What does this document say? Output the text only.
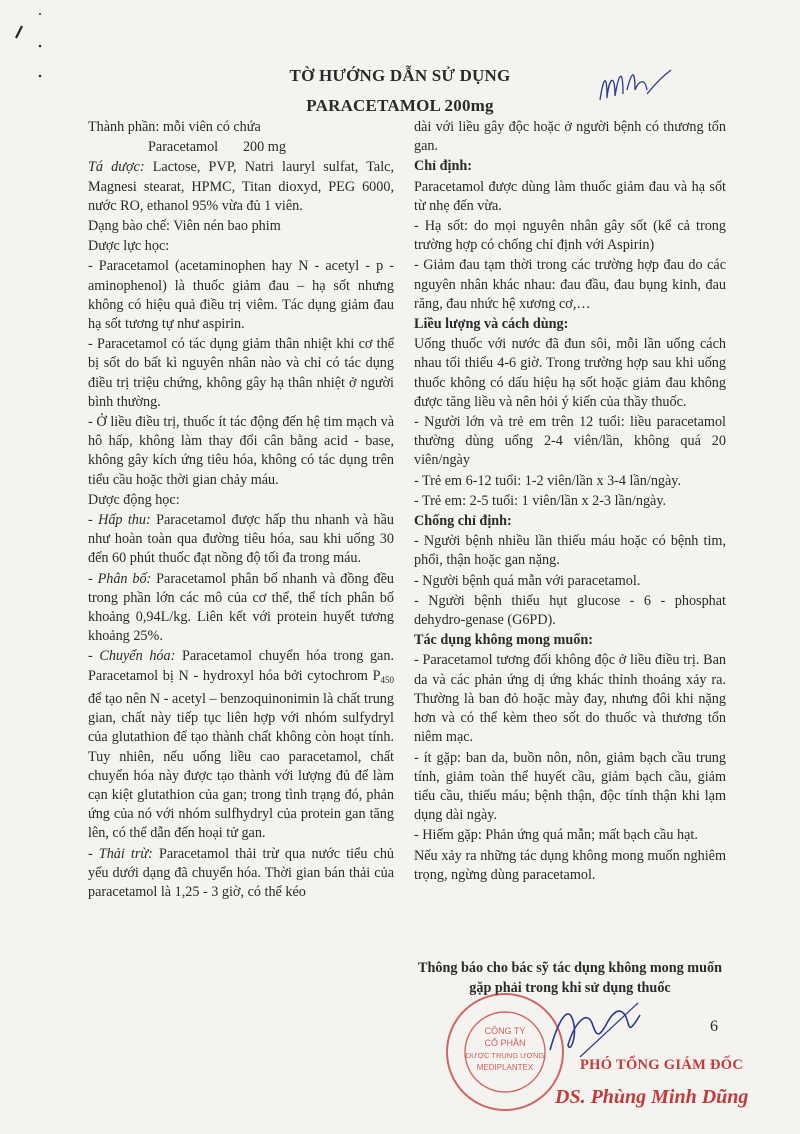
TỜ HƯỚNG DẪN SỬ DỤNG
PARACETAMOL 200mg

Thành phần: mỗi viên có chứa

Paracetamol 200 mg

Tá dược: Lactose, PVP, Natri lauryl sulfat, Talc, Magnesi stearat, HPMC, Titan dioxyd, PEG 6000, nước RO, ethanol 95% vừa đủ 1 viên.

Dạng bào chế: Viên nén bao phim

Dược lực học:

- Paracetamol (acetaminophen hay N - acetyl - p - aminophenol) là thuốc giảm đau – hạ sốt nhưng không có hiệu quả điều trị viêm. Tác dụng giảm đau hạ sốt tương tự như aspirin.

- Paracetamol có tác dụng giảm thân nhiệt khi cơ thể bị sốt do bất kì nguyên nhân nào và chỉ có tác dụng điều trị triệu chứng, không gây hạ thân nhiệt ở người bình thường.

- Ở liều điều trị, thuốc ít tác động đến hệ tim mạch và hô hấp, không làm thay đổi cân bằng acid - base, không gây kích ứng tiêu hóa, không có tác dụng trên tiểu cầu hoặc thời gian chảy máu.

Dược động học:

- Hấp thu: Paracetamol được hấp thu nhanh và hầu như hoàn toàn qua đường tiêu hóa, sau khi uống 30 đến 60 phút thuốc đạt nồng độ tối đa trong máu.

- Phân bố: Paracetamol phân bố nhanh và đồng đều trong phần lớn các mô của cơ thể, thể tích phân bố khoảng 0,94L/kg. Liên kết với protein huyết tương khoảng 25%.

- Chuyển hóa: Paracetamol chuyển hóa trong gan. Paracetamol bị N - hydroxyl hóa bởi cytochrom $P_{450}$ để tạo nên N - acetyl – benzoquinonimin là chất trung gian, chất này tiếp tục liên hợp với nhóm sulfydryl của glutathion để tạo thành chất không còn hoạt tính. Tuy nhiên, nếu uống liều cao paracetamol, chất chuyển hóa này được tạo thành với lượng đủ để làm cạn kiệt glutathion của gan; trong tình trạng đó, phản ứng của nó với nhóm sulfhydryl của protein gan tăng lên, có thể dẫn đến hoại tử gan.

- Thải trừ: Paracetamol thải trừ qua nước tiểu chủ yếu dưới dạng đã chuyển hóa. Thời gian bán thải của paracetamol là 1,25 - 3 giờ, có thể kéo

dài với liều gây độc hoặc ở người bệnh có thương tổn gan.

Chỉ định:

Paracetamol được dùng làm thuốc giảm đau và hạ sốt từ nhẹ đến vừa.

- Hạ sốt: do mọi nguyên nhân gây sốt (kể cả trong trường hợp có chống chỉ định với Aspirin)

- Giảm đau tạm thời trong các trường hợp đau do các nguyên nhân khác nhau: đau đầu, đau bụng kinh, đau răng, đau nhức hệ xương cơ,…

Liều lượng và cách dùng:

Uống thuốc với nước đã đun sôi, mỗi lần uống cách nhau tối thiểu 4-6 giờ. Trong trường hợp sau khi uống thuốc không có dấu hiệu hạ sốt hoặc giảm đau không được tăng liều và nên hỏi ý kiến của thầy thuốc.

- Người lớn và trẻ em trên 12 tuổi: liều paracetamol thường dùng uống 2-4 viên/lần, không quá 20 viên/ngày

- Trẻ em 6-12 tuổi: 1-2 viên/lần x 3-4 lần/ngày.

- Trẻ em: 2-5 tuổi: 1 viên/lần x 2-3 lần/ngày.

Chống chỉ định:

- Người bệnh nhiều lần thiếu máu hoặc có bệnh tim, phổi, thận hoặc gan nặng.

- Người bệnh quá mẫn với paracetamol.

- Người bệnh thiếu hụt glucose - 6 - phosphat dehydro-genase (G6PD).

Tác dụng không mong muốn:

- Paracetamol tương đối không độc ở liều điều trị. Ban da và các phản ứng dị ứng khác thỉnh thoảng xảy ra. Thường là ban đỏ hoặc mày đay, nhưng đôi khi nặng hơn và có thể kèm theo sốt do thuốc và thương tổn niêm mạc.

- ít gặp: ban da, buồn nôn, nôn, giảm bạch cầu trung tính, giảm toàn thể huyết cầu, giảm bạch cầu, giảm tiểu cầu, thiếu máu; bệnh thận, độc tính thận khi lạm dụng dài ngày.

- Hiếm gặp: Phản ứng quá mẫn; mất bạch cầu hạt.

Nếu xảy ra những tác dụng không mong muốn nghiêm trọng, ngừng dùng paracetamol.

Thông báo cho bác sỹ tác dụng không mong muốn gặp phải trong khi sử dụng thuốc
CÔNG TY
CỔ PHẦN
DƯỢC TRUNG ƯƠNG
MEDIPLANTEX
6
PHÓ TỔNG GIÁM ĐỐC
DS. Phùng Minh Dũng
